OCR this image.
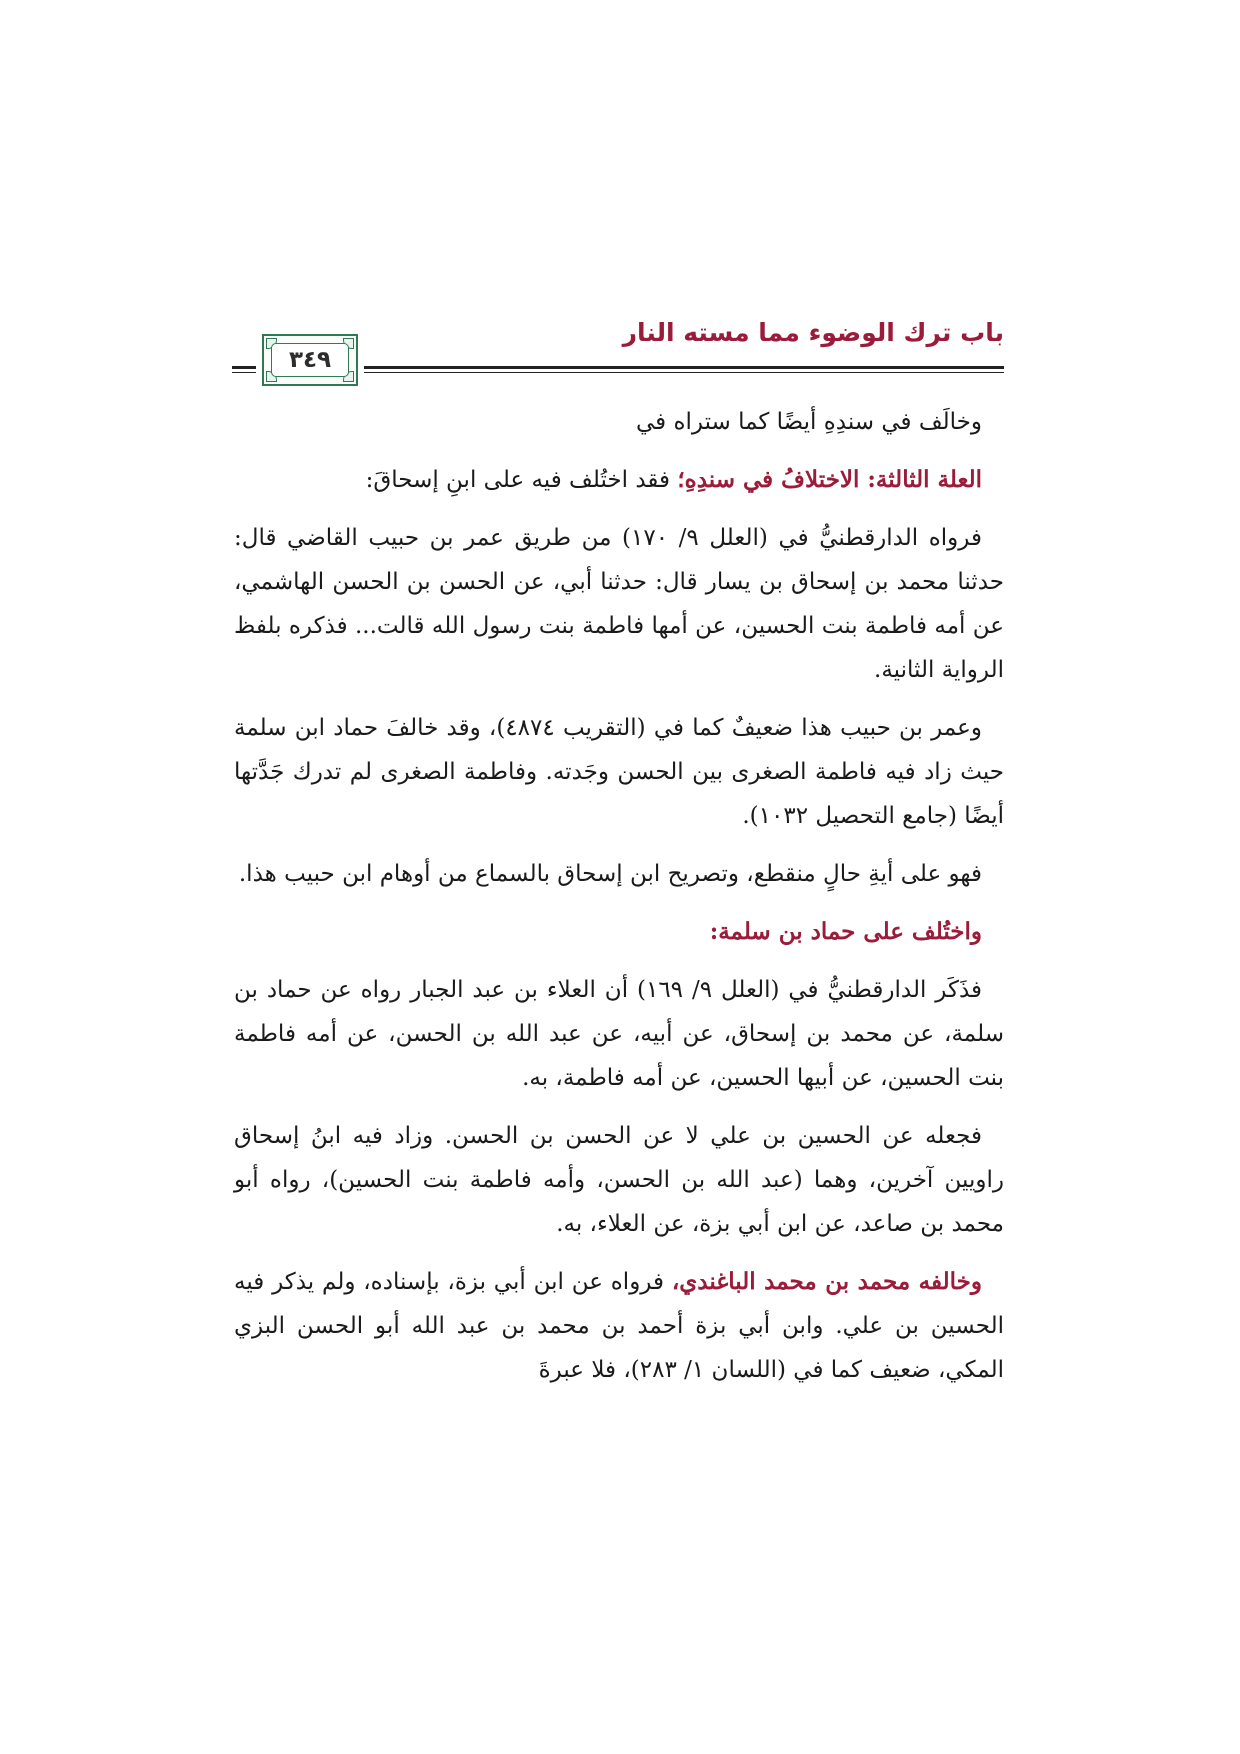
باب ترك الوضوء مما مسته النار
٣٤٩

وخالَف في سندِهِ أيضًا كما ستراه في

العلة الثالثة: الاختلافُ في سندِهِ؛ فقد اختُلف فيه على ابنِ إسحاقَ:

فرواه الدارقطنيُّ في (العلل ٩/ ١٧٠) من طريق عمر بن حبيب القاضي قال: حدثنا محمد بن إسحاق بن يسار قال: حدثنا أبي، عن الحسن بن الحسن الهاشمي، عن أمه فاطمة بنت الحسين، عن أمها فاطمة بنت رسول الله قالت... فذكره بلفظ الرواية الثانية.

وعمر بن حبيب هذا ضعيفٌ كما في (التقريب ٤٨٧٤)، وقد خالفَ حماد ابن سلمة حيث زاد فيه فاطمة الصغرى بين الحسن وجَدته. وفاطمة الصغرى لم تدرك جَدَّتها أيضًا (جامع التحصيل ١٠٣٢).

فهو على أيةِ حالٍ منقطع، وتصريح ابن إسحاق بالسماع من أوهام ابن حبيب هذا.

واختُلف على حماد بن سلمة:

فذَكَر الدارقطنيُّ في (العلل ٩/ ١٦٩) أن العلاء بن عبد الجبار رواه عن حماد بن سلمة، عن محمد بن إسحاق، عن أبيه، عن عبد الله بن الحسن، عن أمه فاطمة بنت الحسين، عن أبيها الحسين، عن أمه فاطمة، به.

فجعله عن الحسين بن علي لا عن الحسن بن الحسن. وزاد فيه ابنُ إسحاق راويين آخرين، وهما (عبد الله بن الحسن، وأمه فاطمة بنت الحسين)، رواه أبو محمد بن صاعد، عن ابن أبي بزة، عن العلاء، به.

وخالفه محمد بن محمد الباغندي، فرواه عن ابن أبي بزة، بإسناده، ولم يذكر فيه الحسين بن علي. وابن أبي بزة أحمد بن محمد بن عبد الله أبو الحسن البزي المكي، ضعيف كما في (اللسان ١/ ٢٨٣)، فلا عبرةَ
